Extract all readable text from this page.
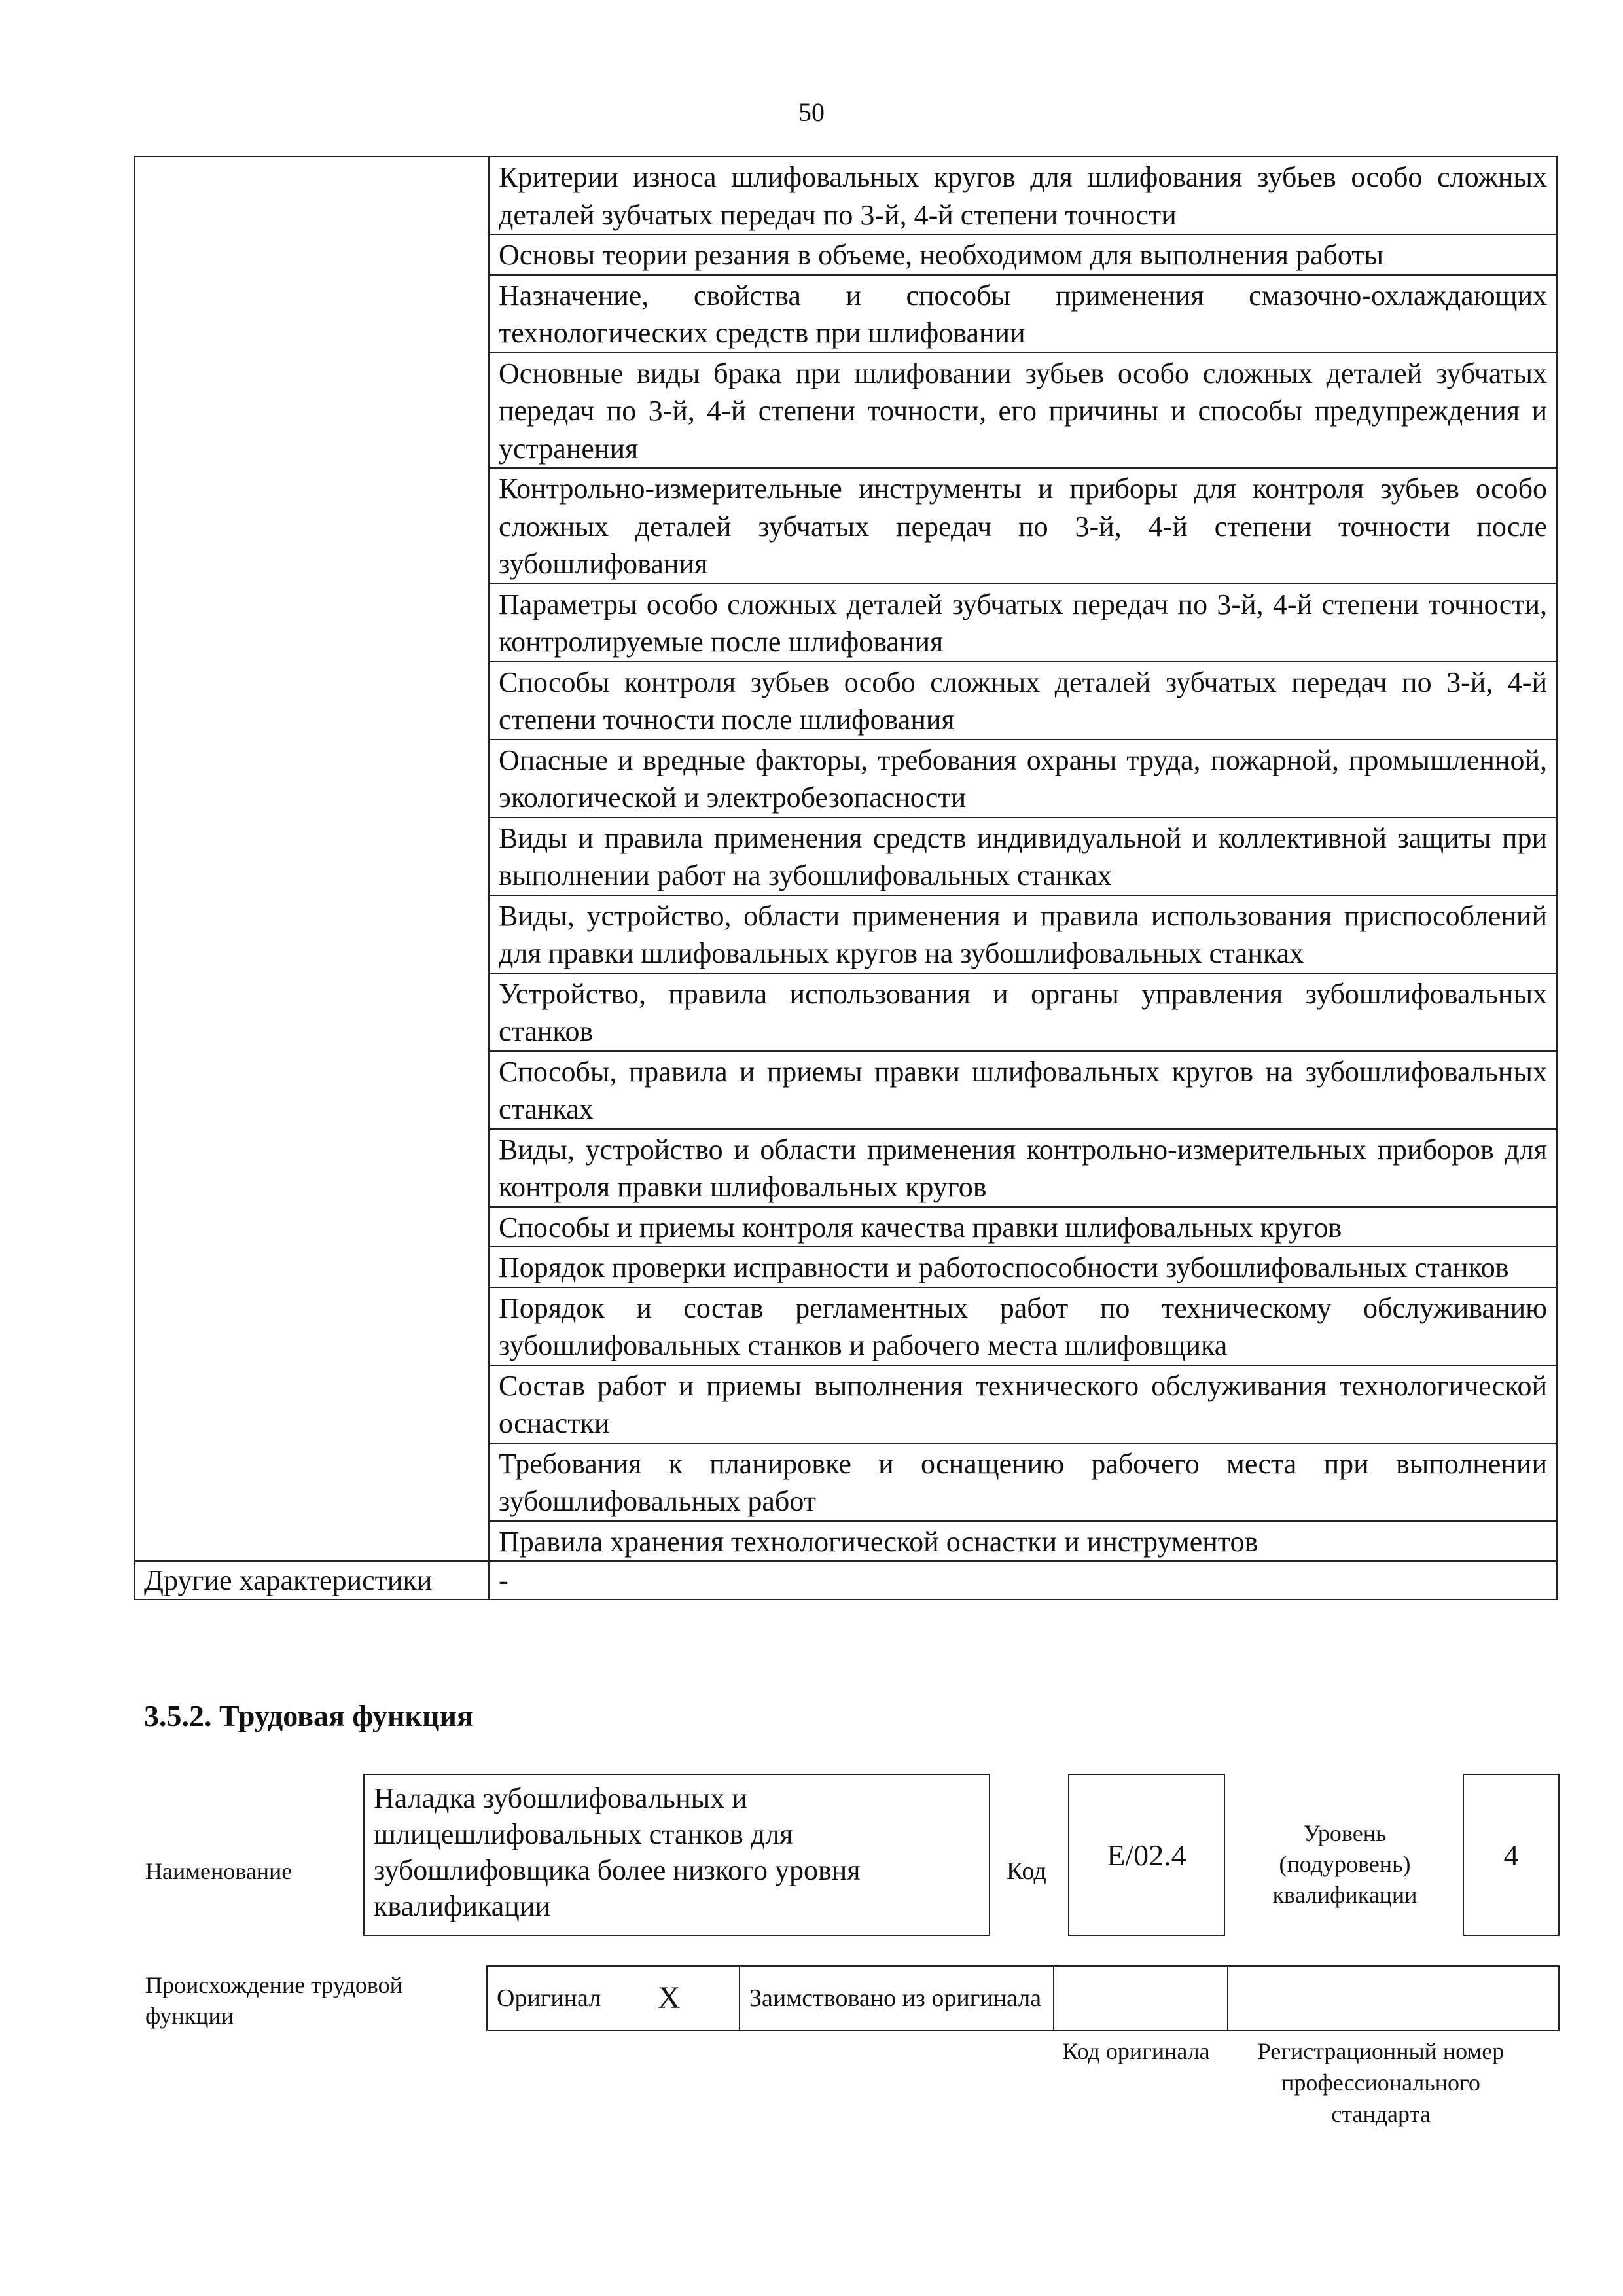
50
	Критерии износа шлифовальных кругов для шлифования зубьев особо сложных деталей зубчатых передач по 3-й, 4-й степени точности
	Основы теории резания в объеме, необходимом для выполнения работы
	Назначение, свойства и способы применения смазочно-охлаждающих технологических средств при шлифовании
	Основные виды брака при шлифовании зубьев особо сложных деталей зубчатых передач по 3-й, 4-й степени точности, его причины и способы предупреждения и устранения
	Контрольно-измерительные инструменты и приборы для контроля зубьев особо сложных деталей зубчатых передач по 3-й, 4-й степени точности после зубошлифования
	Параметры особо сложных деталей зубчатых передач по 3-й, 4-й степени точности, контролируемые после шлифования
	Способы контроля зубьев особо сложных деталей зубчатых передач по 3-й, 4-й степени точности после шлифования
	Опасные и вредные факторы, требования охраны труда, пожарной, промышленной, экологической и электробезопасности
	Виды и правила применения средств индивидуальной и коллективной защиты при выполнении работ на зубошлифовальных станках
	Виды, устройство, области применения и правила использования приспособлений для правки шлифовальных кругов на зубошлифовальных станках
	Устройство, правила использования и органы управления зубошлифовальных станков
	Способы, правила и приемы правки шлифовальных кругов на зубошлифовальных станках
	Виды, устройство и области применения контрольно-измерительных приборов для контроля правки шлифовальных кругов
	Способы и приемы контроля качества правки шлифовальных кругов
	Порядок проверки исправности и работоспособности зубошлифовальных станков
	Порядок и состав регламентных работ по техническому обслуживанию зубошлифовальных станков и рабочего места шлифовщика
	Состав работ и приемы выполнения технического обслуживания технологической оснастки
	Требования к планировке и оснащению рабочего места при выполнении зубошлифовальных работ
	Правила хранения технологической оснастки и инструментов
Другие характеристики	-
3.5.2. Трудовая функция
Наименование
Наладка зубошлифовальных и шлицешлифовальных станков для зубошлифовщика более низкого уровня квалификации
Код	E/02.4
Уровень (подуровень) квалификации
4
Происхождение трудовой функции
Оригинал	X	Заимствовано из оригинала		
Код оригинала	Регистрационный номер профессионального стандарта
